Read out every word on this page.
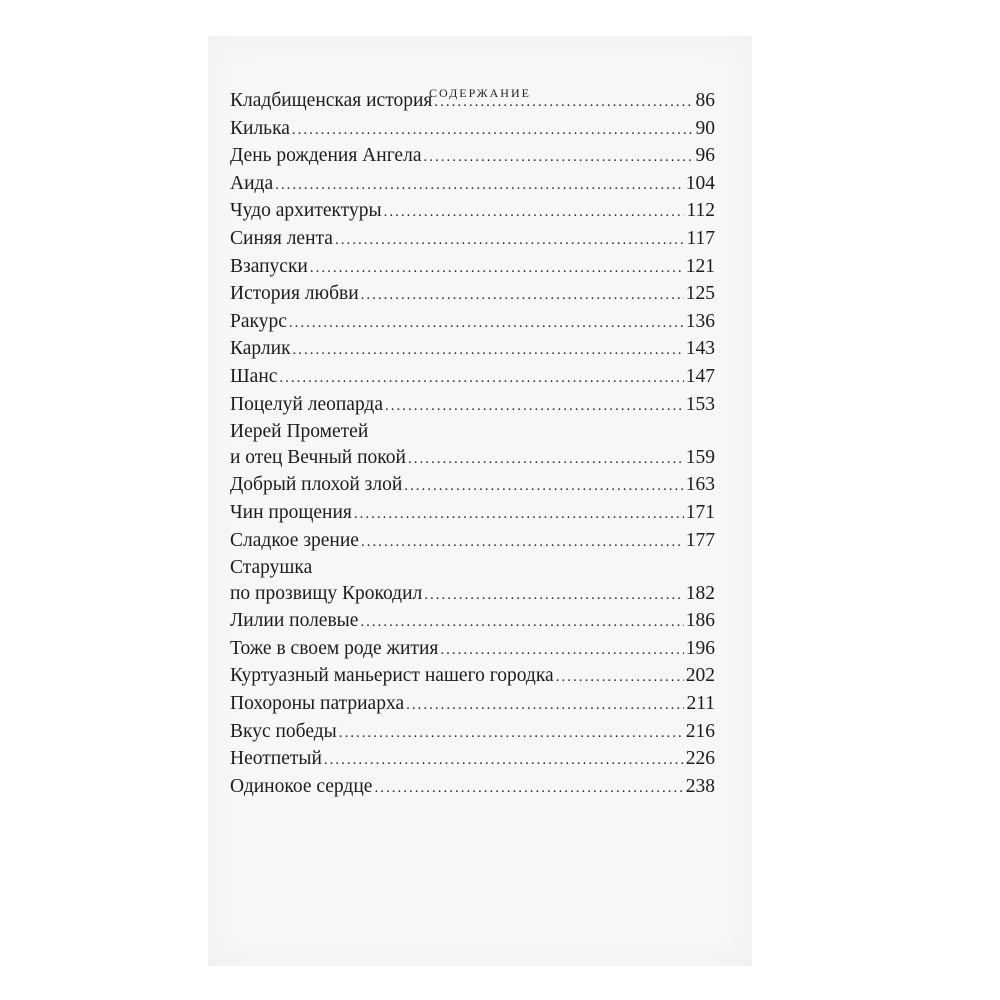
содержание
Кладбищенская история .....	86
Килька .....	90
День рождения Ангела .....	96
Аида .....	104
Чудо архитектуры .....	112
Синяя лента .....	117
Взапуски .....	121
История любви .....	125
Ракурс .....	136
Карлик .....	143
Шанс .....	147
Поцелуй леопарда .....	153
Иерей Прометей
и отец Вечный покой .....	159
Добрый плохой злой .....	163
Чин прощения .....	171
Сладкое зрение .....	177
Старушка
по прозвищу Крокодил .....	182
Лилии полевые .....	186
Тоже в своем роде жития .....	196
Куртуазный маньерист нашего городка .....	202
Похороны патриарха .....	211
Вкус победы .....	216
Неотпетый .....	226
Одинокое сердце .....	238
